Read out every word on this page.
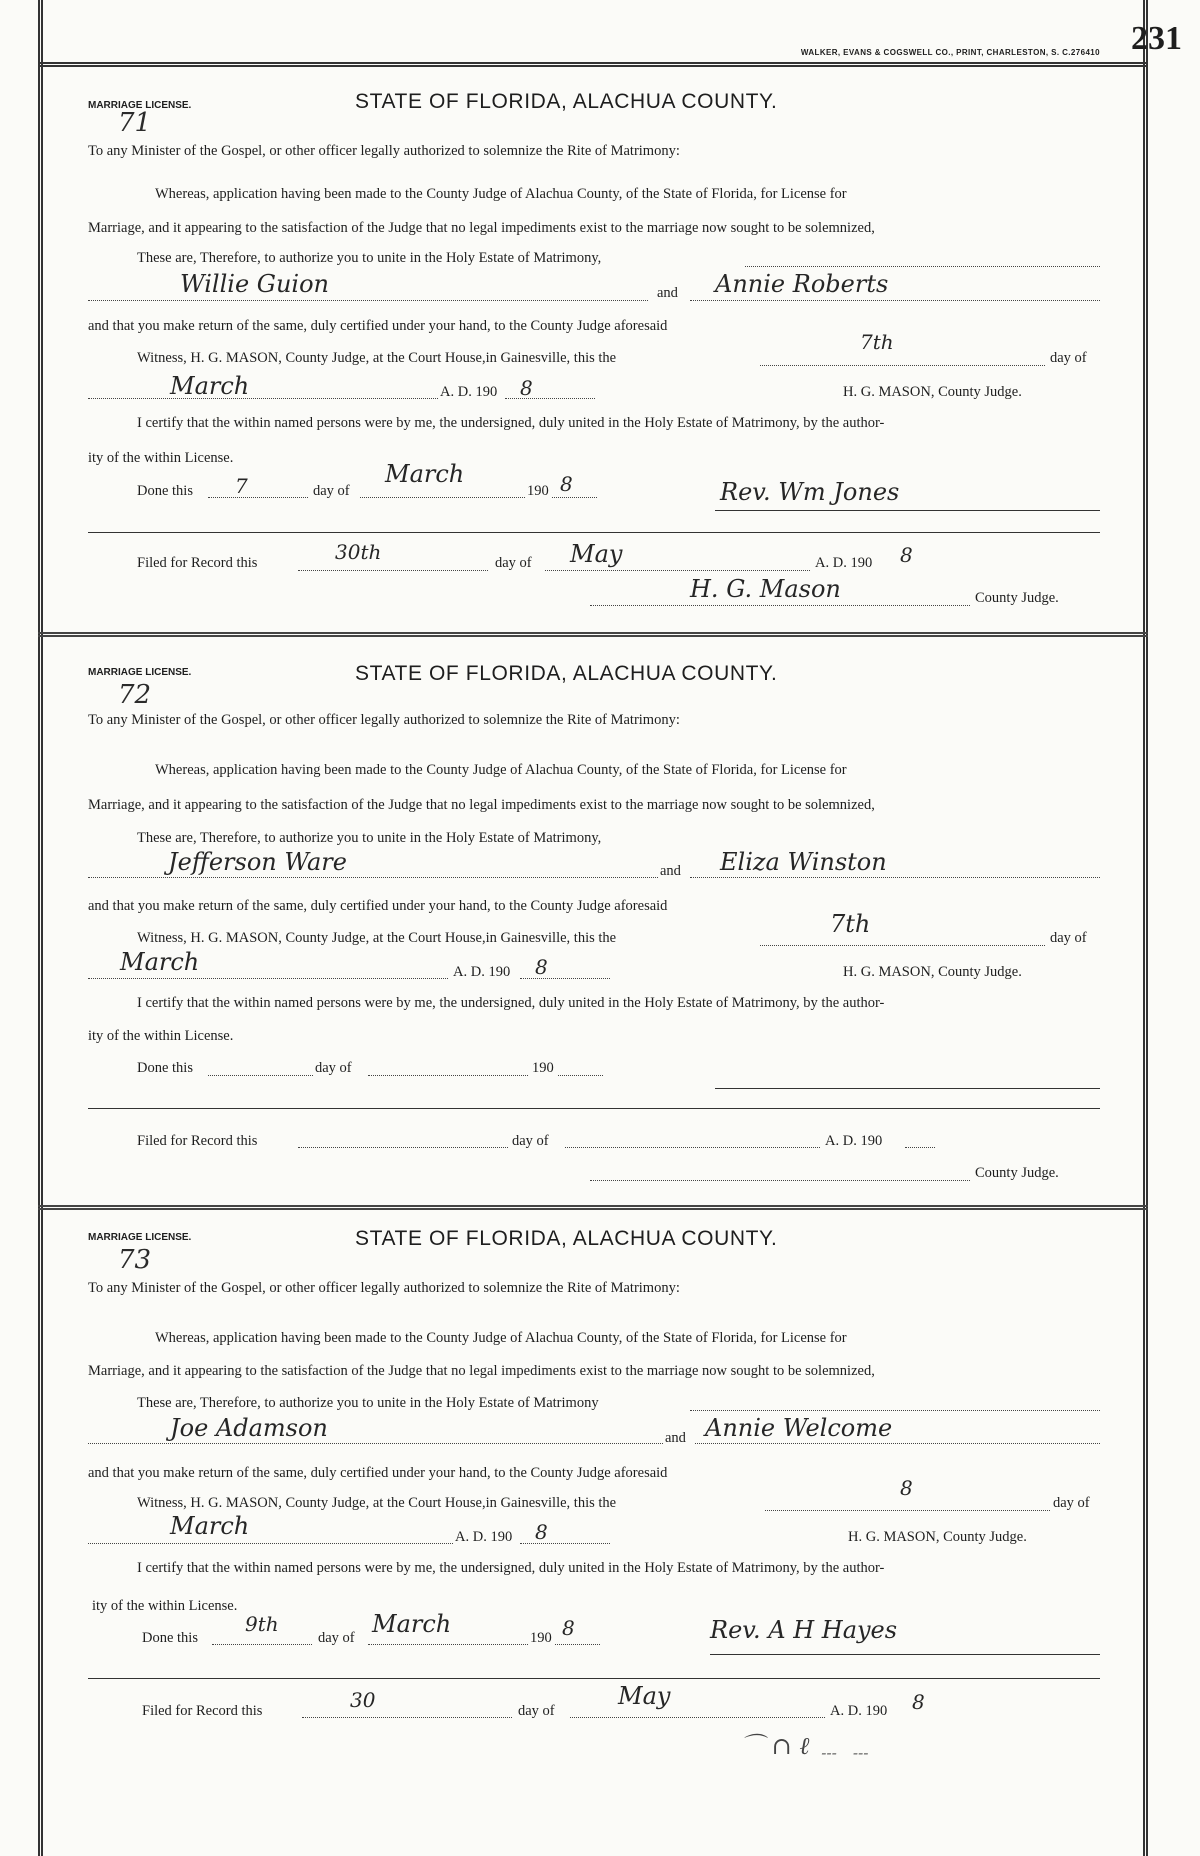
WALKER, EVANS & COGSWELL CO., PRINT, CHARLESTON, S. C.276410 231
MARRIAGE LICENSE.
71
STATE OF FLORIDA, ALACHUA COUNTY.
To any Minister of the Gospel, or other officer legally authorized to solemnize the Rite of Matrimony:
Whereas, application having been made to the County Judge of Alachua County, of the State of Florida, for License for
Marriage, and it appearing to the satisfaction of the Judge that no legal impediments exist to the marriage now sought to be solemnized,
These are, Therefore, to authorize you to unite in the Holy Estate of Matrimony,
Willie Guion	and Annie Roberts
and that you make return of the same, duly certified under your hand, to the County Judge aforesaid
Witness, H. G. MASON, County Judge, at the Court House,in Gainesville, this the
7th
day of
March	A. D. 190 8	H. G. MASON, County Judge.
I certify that the within named persons were by me, the undersigned, duly united in the Holy Estate of Matrimony, by the author-
ity of the within License.
Done this 7	day of
March
190 8	Rev. Wm Jones
Filed for Record this	30th	day of May	A. D. 190 8
H. G. Mason	County Judge.
MARRIAGE LICENSE.
72
STATE OF FLORIDA, ALACHUA COUNTY.
To any Minister of the Gospel, or other officer legally authorized to solemnize the Rite of Matrimony:
Whereas, application having been made to the County Judge of Alachua County, of the State of Florida, for License for
Marriage, and it appearing to the satisfaction of the Judge that no legal impediments exist to the marriage now sought to be solemnized,
These are, Therefore, to authorize you to unite in the Holy Estate of Matrimony,
Jefferson Ware	and Eliza Winston
and that you make return of the same, duly certified under your hand, to the County Judge aforesaid
Witness, H. G. MASON, County Judge, at the Court House,in Gainesville, this the	7th	day of
March	A. D. 190 8	H. G. MASON, County Judge.
I certify that the within named persons were by me, the undersigned, duly united in the Holy Estate of Matrimony, by the author-
ity of the within License.
Done this	day of	190
Filed for Record this	day of	A. D. 190
County Judge.
MARRIAGE LICENSE.
73
STATE OF FLORIDA, ALACHUA COUNTY.
To any Minister of the Gospel, or other officer legally authorized to solemnize the Rite of Matrimony:
Whereas, application having been made to the County Judge of Alachua County, of the State of Florida, for License for
Marriage, and it appearing to the satisfaction of the Judge that no legal impediments exist to the marriage now sought to be solemnized,
These are, Therefore, to authorize you to unite in the Holy Estate of Matrimony
Joe Adamson	and Annie Welcome
and that you make return of the same, duly certified under your hand, to the County Judge aforesaid
Witness, H. G. MASON, County Judge, at the Court House,in Gainesville, this the
8
day of
March	A. D. 190 8	H. G. MASON, County Judge.
I certify that the within named persons were by me, the undersigned, duly united in the Holy Estate of Matrimony, by the author-
ity of the within License.
Done this
9th
day of March	190 8	Rev. A H Hayes
Filed for Record this	30	day of
May
A. D. 190 8
⌒ ∩ ℓ ﹍ ﹍
